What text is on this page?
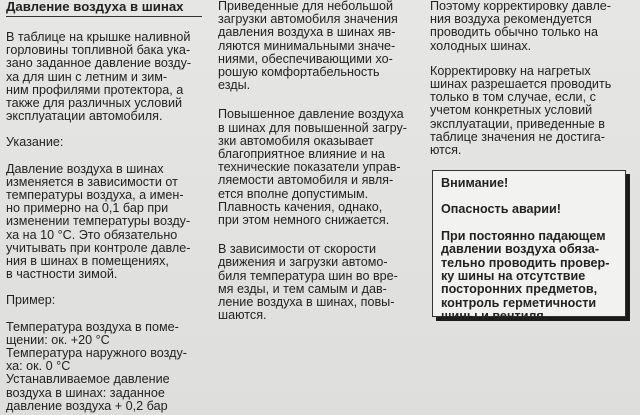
Давление воздуха в шинах

В таблице на крышке наливной
горловины топливной бака ука-
зано заданное давление возду-
ха для шин с летним и зим-
ним профилями протектора, а
также для различных условий
эксплуатации автомобиля.

Указание:

Давление воздуха в шинах
изменяется в зависимости от
температуры воздуха, а имен-
но примерно на 0,1 бар при
изменении температуры возду-
ха на 10 °С. Это обязательно
учитывать при контроле давле-
ния в шинах в помещениях,
в частности зимой.

Пример:

Температура воздуха в поме-
щении: ок. +20 °С
Температура наружного возду-
ха: ок. 0 °С
Устанавливаемое давление
воздуха в шинах: заданное
давление воздуха + 0,2 бар

Приведенные для небольшой
загрузки автомобиля значения
давления воздуха в шинах яв-
ляются минимальными значе-
ниями, обеспечивающими хо-
рошую комфортабельность
езды.

Повышенное давление воздуха
в шинах для повышенной загру-
зки автомобиля оказывает
благоприятное влияние и на
технические показатели управ-
ляемости автомобиля и явля-
ется вполне допустимым.
Плавность качения, однако,
при этом немного снижается.

В зависимости от скорости
движения и загрузки автомо-
биля температура шин во вре-
мя езды, и тем самым и дав-
ление воздуха в шинах, повы-
шаются.

Поэтому корректировку давле-
ния воздуха рекомендуется
проводить обычно только на
холодных шинах.

Корректировку на нагретых
шинах разрешается проводить
только в том случае, если, с
учетом конкретных условий
эксплуатации, приведенные в
таблице значения не достига-
ются.

Внимание!

Опасность аварии!

При постоянно падающем
давлении воздуха обяза-
тельно проводить провер-
ку шины на отсутствие
посторонних предметов,
контроль герметичности
шины и вентиля.
